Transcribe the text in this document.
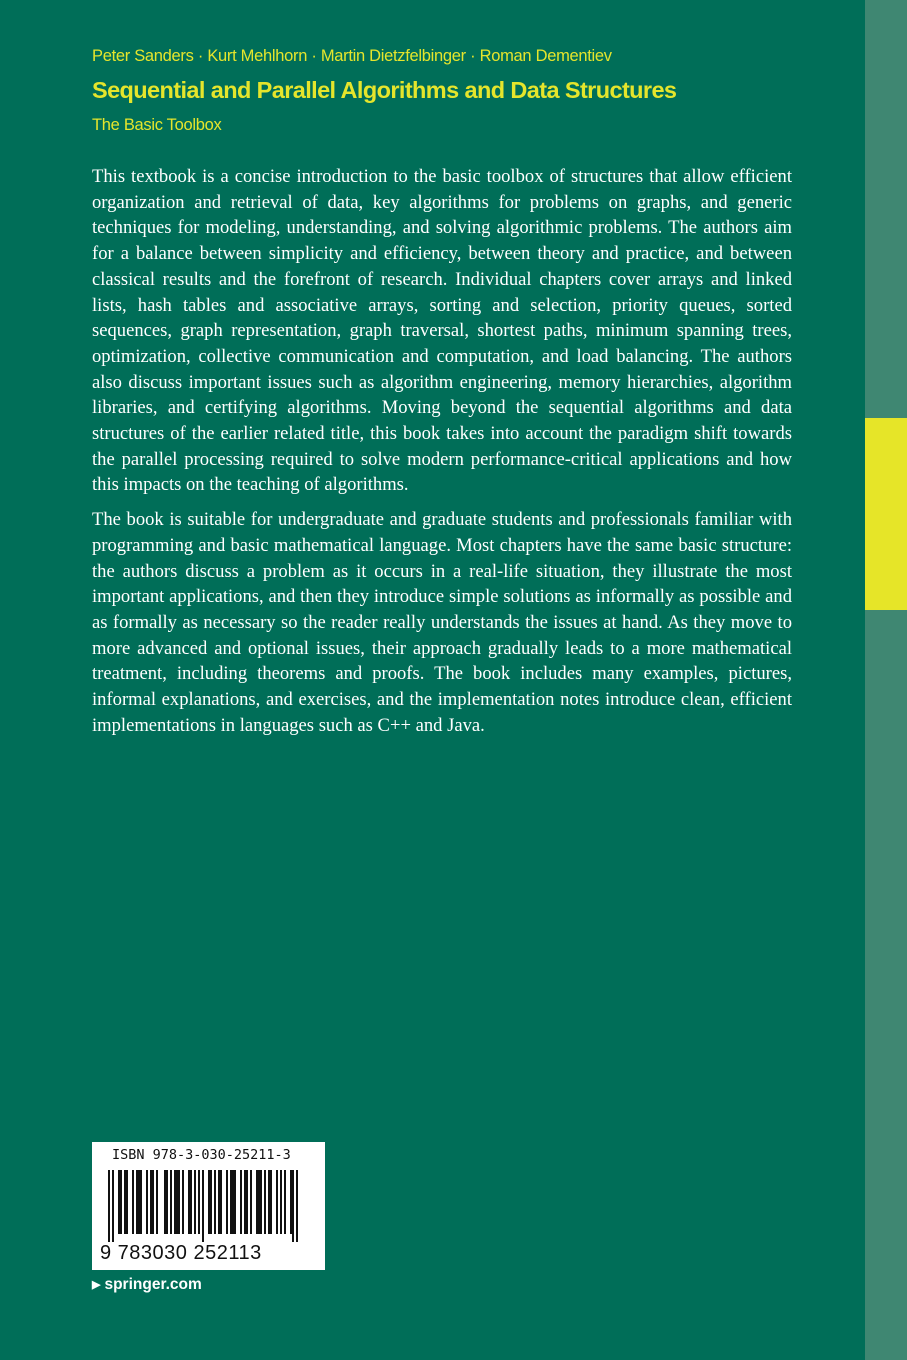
Peter Sanders · Kurt Mehlhorn · Martin Dietzfelbinger · Roman Dementiev
Sequential and Parallel Algorithms and Data Structures
The Basic Toolbox

This textbook is a concise introduction to the basic toolbox of structures that allow efficient organization and retrieval of data, key algorithms for problems on graphs, and generic techniques for modeling, understanding, and solving algorithmic problems. The authors aim for a balance between simplicity and efficiency, between theory and practice, and between classical results and the forefront of research. Individual chapters cover arrays and linked lists, hash tables and associative arrays, sorting and selection, priority queues, sorted sequences, graph representation, graph traversal, shortest paths, minimum spanning trees, optimization, collective communication and computation, and load balancing. The authors also discuss important issues such as algorithm engineering, memory hierarchies, algorithm libraries, and certifying algorithms. Moving beyond the sequential algorithms and data structures of the earlier related title, this book takes into account the paradigm shift towards the parallel processing required to solve modern performance-critical applications and how this impacts on the teaching of algorithms.

The book is suitable for undergraduate and graduate students and professionals familiar with programming and basic mathematical language. Most chapters have the same basic structure: the authors discuss a problem as it occurs in a real-life situation, they illustrate the most important applications, and then they introduce simple solutions as informally as possible and as formally as necessary so the reader really understands the issues at hand. As they move to more advanced and optional issues, their approach gradually leads to a more mathematical treatment, including theorems and proofs. The book includes many examples, pictures, informal explanations, and exercises, and the implementation notes introduce clean, efficient implementations in languages such as C++ and Java.

ISBN 978-3-030-25211-3
9 783030 252113
▶ springer.com
